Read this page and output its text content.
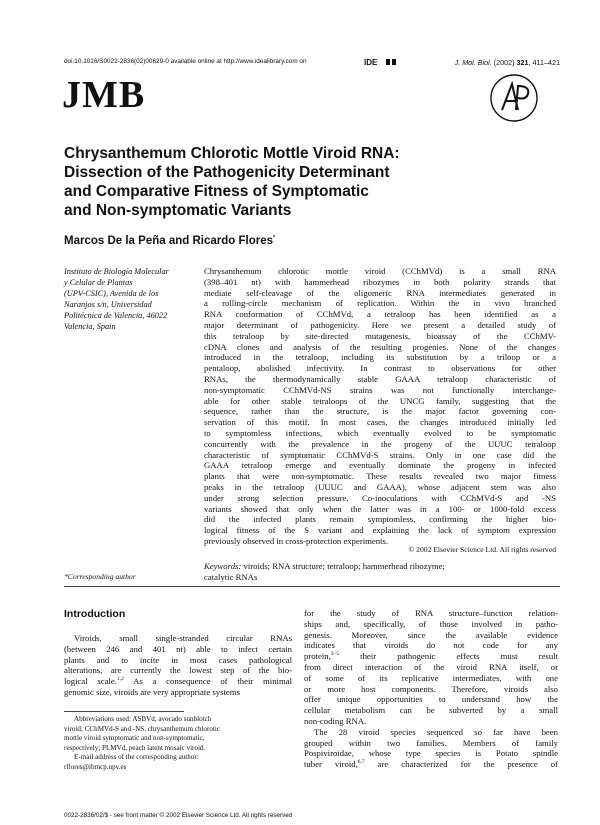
doi:10.1016/S0022-2836(02)00629-0 available online at http://www.idealibrary.com on	IDE	J. Mol. Biol. (2002) 321, 411–421
JMB
Chrysanthemum Chlorotic Mottle Viroid RNA:
Dissection of the Pathogenicity Determinant
and Comparative Fitness of Symptomatic
and Non-symptomatic Variants
Marcos De la Peña and Ricardo Flores*
Instituto de Biología Molecular
y Celular de Plantas
(UPV-CSIC), Avenida de los
Naranjos s/n, Universidad
Politécnica de Valencia, 46022
Valencia, Spain
Chrysanthemum chlorotic mottle viroid (CChMVd) is a small RNA
(398–401 nt) with hammerhead ribozymes in both polarity strands that
mediate self-cleavage of the oligomeric RNA intermediates generated in
a rolling-circle mechanism of replication. Within the in vivo branched
RNA conformation of CChMVd, a tetraloop has been identified as a
major determinant of pathogenicity. Here we present a detailed study of
this tetraloop by site-directed mutagenesis, bioassay of the CChMV-
cDNA clones and analysis of the resulting progenies. None of the changes
introduced in the tetraloop, including its substitution by a triloop or a
pentaloop, abolished infectivity. In contrast to observations for other
RNAs, the thermodynamically stable GAAA tetraloop characteristic of
non-symptomatic CChMVd-NS strains was not functionally interchange-
able for other stable tetraloops of the UNCG family, suggesting that the
sequence, rather than the structure, is the major factor governing con-
servation of this motif. In most cases, the changes introduced initially led
to symptomless infections, which eventually evolved to be symptomatic
concurrently with the prevalence in the progeny of the UUUC tetraloop
characteristic of symptomatic CChMVd-S strains. Only in one case did the
GAAA tetraloop emerge and eventually dominate the progeny in infected
plants that were non-symptomatic. These results revealed two major fitness
peaks in the tetraloop (UUUC and GAAA), whose adjacent stem was also
under strong selection pressure. Co-inoculations with CChMVd-S and -NS
variants showed that only when the latter was in a 100- or 1000-fold excess
did the infected plants remain symptomless, confirming the higher bio-
logical fitness of the S variant and explaining the lack of symptom expression
previously observed in cross-protection experiments.
© 2002 Elsevier Science Ltd. All rights reserved
Keywords: viroids; RNA structure; tetraloop; hammerhead ribozyme;
catalytic RNAs
*Corresponding author
Introduction
Viroids, small single-stranded circular RNAs
(between 246 and 401 nt) able to infect certain
plants and to incite in most cases pathological
alterations, are currently the lowest step of the bio-
logical scale.$^{1,2}$ As a consequence of their minimal
genomic size, viroids are very appropriate systems
Abbreviations used: ASBVd, avocado sunblotch
viroid; CChMVd-S and -NS, chrysanthemum chlorotic
mottle viroid symptomatic and non-symptomatic,
respectively; PLMVd, peach latent mosaic viroid.
E-mail address of the corresponding author:
rflores@ibmcp.upv.es
for the study of RNA structure–function relation-
ships and, specifically, of those involved in patho-
genesis. Moreover, since the available evidence
indicates that viroids do not code for any
protein,$^{3-5}$ their pathogenic effects must result
from direct interaction of the viroid RNA itself, or
of some of its replicative intermediates, with one
or more host components. Therefore, viroids also
offer unique opportunities to understand how the
cellular metabolism can be subverted by a small
non-coding RNA.
The 28 viroid species sequenced so far have been
grouped within two families. Members of family
Pospiviroidae, whose type species is Potato spindle
tuber viroid,$^{6,7}$ are characterized for the presence of
0022-2836/02/$ - see front matter © 2002 Elsevier Science Ltd. All rights reserved
